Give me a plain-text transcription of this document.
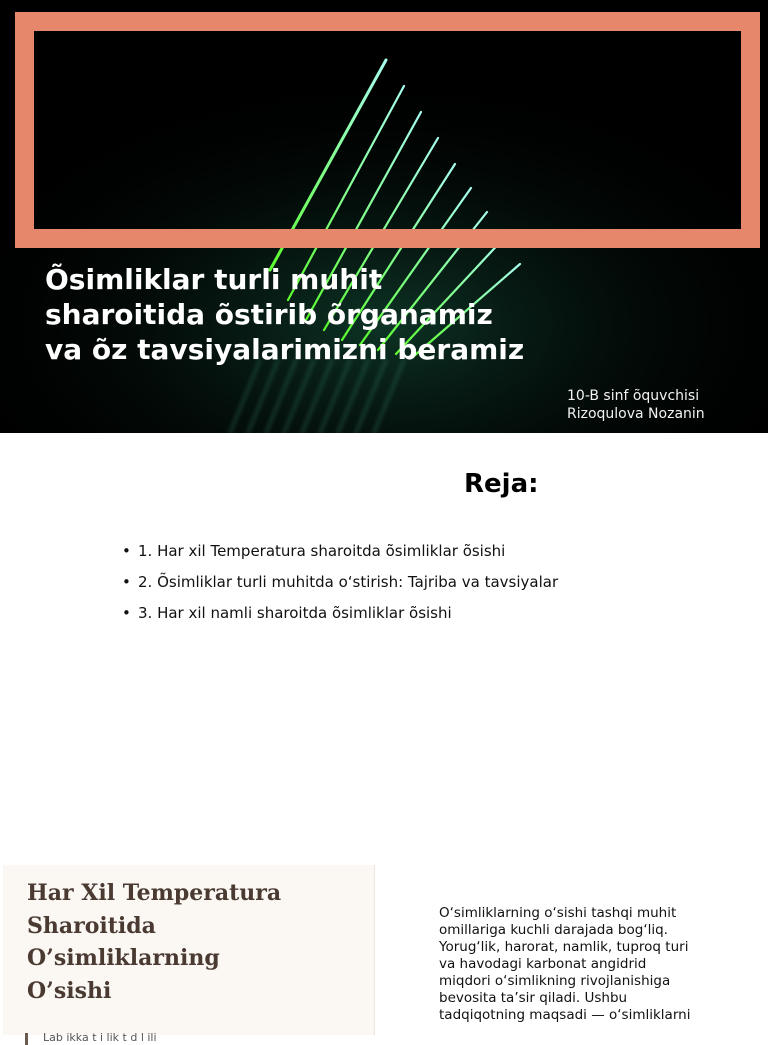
Õsimliklar turli muhit
sharoitida õstirib õrganamiz
va õz tavsiyalarimizni beramiz
10-B sinf õquvchisi
Rizoqulova Nozanin
Reja:
• 1. Har xil Temperatura sharoitda õsimliklar õsishi
• 2. Õsimliklar turli muhitda o‘stirish: Tajriba va tavsiyalar
• 3. Har xil namli sharoitda õsimliklar õsishi
Har Xil Temperatura
Sharoitida
O’simliklarning
O’sishi
Lab ikka t i lik t d l ili
O‘simliklarning o‘sishi tashqi muhit
omillariga kuchli darajada bog‘liq.
Yorug‘lik, harorat, namlik, tuproq turi
va havodagi karbonat angidrid
miqdori o‘simlikning rivojlanishiga
bevosita ta’sir qiladi. Ushbu
tadqiqotning maqsadi — o‘simliklarni
